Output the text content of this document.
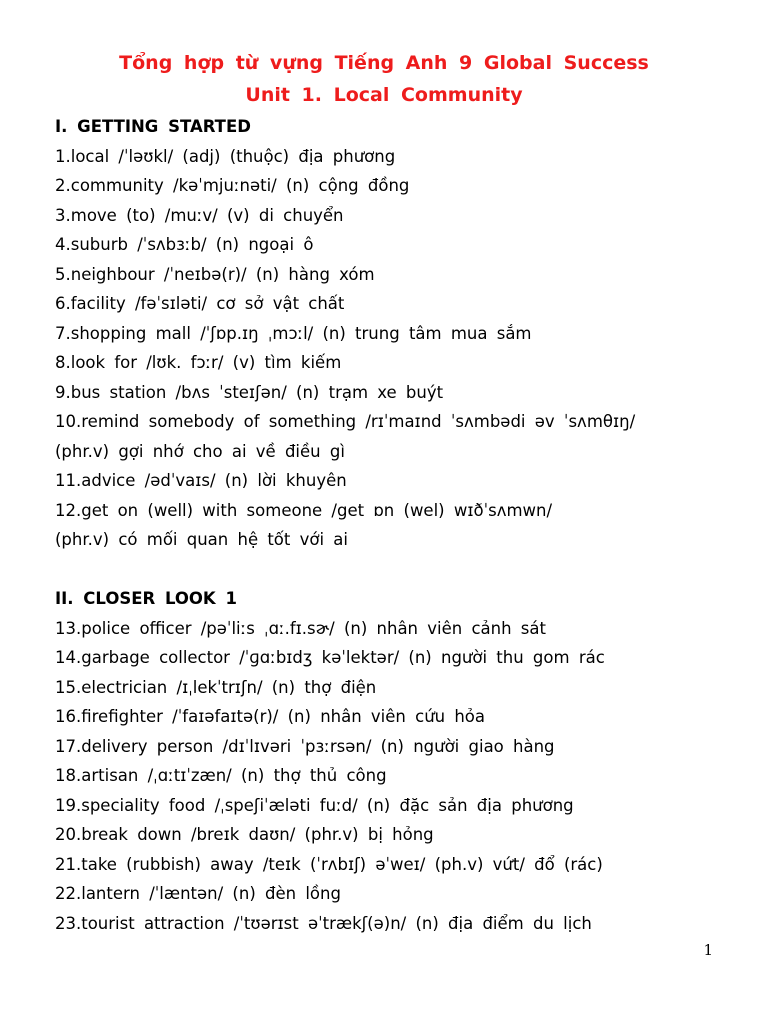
Tổng hợp từ vựng Tiếng Anh 9 Global Success

Unit 1. Local Community

I. GETTING STARTED
1.local /ˈləʊkl/ (adj) (thuộc) địa phương
2.community /kəˈmjuːnəti/ (n) cộng đồng
3.move (to) /muːv/ (v) di chuyển
4.suburb /ˈsʌbɜːb/ (n) ngoại ô
5.neighbour /ˈneɪbə(r)/ (n) hàng xóm
6.facility /fəˈsɪləti/ cơ sở vật chất
7.shopping mall /ˈʃɒp.ɪŋ ˌmɔːl/ (n) trung tâm mua sắm
8.look for /lʊk. fɔːr/ (v) tìm kiếm
9.bus station /bʌs ˈsteɪʃən/ (n) trạm xe buýt
10.remind somebody of something /rɪˈmaɪnd ˈsʌmbədi əv ˈsʌmθɪŋ/
(phr.v) gợi nhớ cho ai về điều gì
11.advice /ədˈvaɪs/ (n) lời khuyên
12.get on (well) with someone /get ɒn (wel) wɪðˈsʌmwn/
(phr.v) có mối quan hệ tốt với ai
II. CLOSER LOOK 1
13.police officer /pəˈliːs ˌɑː.fɪ.sɚ/ (n) nhân viên cảnh sát
14.garbage collector /ˈɡɑːbɪdʒ kəˈlektər/ (n) người thu gom rác
15.electrician /ɪˌlekˈtrɪʃn/ (n) thợ điện
16.firefighter /ˈfaɪəfaɪtə(r)/ (n) nhân viên cứu hỏa
17.delivery person /dɪˈlɪvəri ˈpɜːrsən/ (n) người giao hàng
18.artisan /ˌɑːtɪˈzæn/ (n) thợ thủ công
19.speciality food /ˌspeʃiˈæləti fuːd/ (n) đặc sản địa phương
20.break down /breɪk daʊn/ (phr.v) bị hỏng
21.take (rubbish) away /teɪk (ˈrʌbɪʃ) əˈweɪ/ (ph.v) vứt/ đổ (rác)
22.lantern /ˈlæntən/ (n) đèn lồng
23.tourist attraction /ˈtʊərɪst əˈtrækʃ(ə)n/ (n) địa điểm du lịch
1
